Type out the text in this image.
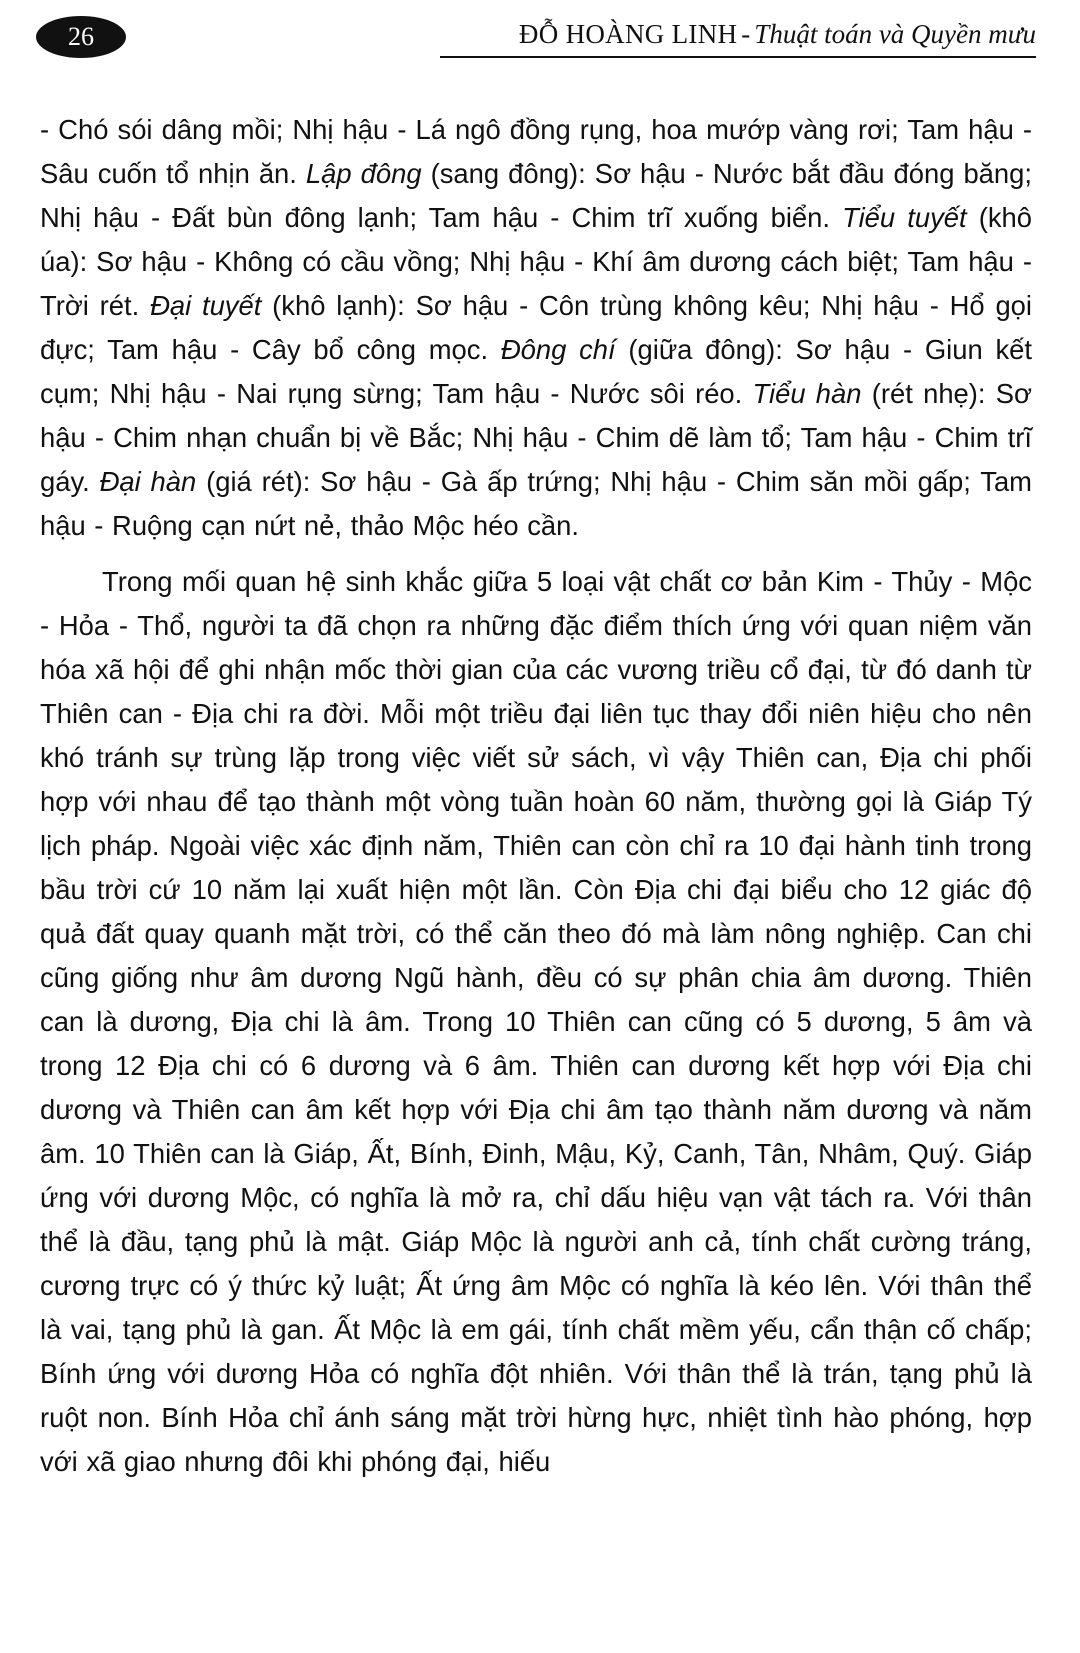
26	ĐỖ HOÀNG LINH - Thuật toán và Quyền mưu

- Chó sói dâng mồi; Nhị hậu - Lá ngô đồng rụng, hoa mướp vàng rơi; Tam hậu - Sâu cuốn tổ nhịn ăn. Lập đông (sang đông): Sơ hậu - Nước bắt đầu đóng băng; Nhị hậu - Đất bùn đông lạnh; Tam hậu - Chim trĩ xuống biển. Tiểu tuyết (khô úa): Sơ hậu - Không có cầu vồng; Nhị hậu - Khí âm dương cách biệt; Tam hậu - Trời rét. Đại tuyết (khô lạnh): Sơ hậu - Côn trùng không kêu; Nhị hậu - Hổ gọi đực; Tam hậu - Cây bổ công mọc. Đông chí (giữa đông): Sơ hậu - Giun kết cụm; Nhị hậu - Nai rụng sừng; Tam hậu - Nước sôi réo. Tiểu hàn (rét nhẹ): Sơ hậu - Chim nhạn chuẩn bị về Bắc; Nhị hậu - Chim dẽ làm tổ; Tam hậu - Chim trĩ gáy. Đại hàn (giá rét): Sơ hậu - Gà ấp trứng; Nhị hậu - Chim săn mồi gấp; Tam hậu - Ruộng cạn nứt nẻ, thảo Mộc héo cần.

Trong mối quan hệ sinh khắc giữa 5 loại vật chất cơ bản Kim - Thủy - Mộc - Hỏa - Thổ, người ta đã chọn ra những đặc điểm thích ứng với quan niệm văn hóa xã hội để ghi nhận mốc thời gian của các vương triều cổ đại, từ đó danh từ Thiên can - Địa chi ra đời. Mỗi một triều đại liên tục thay đổi niên hiệu cho nên khó tránh sự trùng lặp trong việc viết sử sách, vì vậy Thiên can, Địa chi phối hợp với nhau để tạo thành một vòng tuần hoàn 60 năm, thường gọi là Giáp Tý lịch pháp. Ngoài việc xác định năm, Thiên can còn chỉ ra 10 đại hành tinh trong bầu trời cứ 10 năm lại xuất hiện một lần. Còn Địa chi đại biểu cho 12 giác độ quả đất quay quanh mặt trời, có thể căn theo đó mà làm nông nghiệp. Can chi cũng giống như âm dương Ngũ hành, đều có sự phân chia âm dương. Thiên can là dương, Địa chi là âm. Trong 10 Thiên can cũng có 5 dương, 5 âm và trong 12 Địa chi có 6 dương và 6 âm. Thiên can dương kết hợp với Địa chi dương và Thiên can âm kết hợp với Địa chi âm tạo thành năm dương và năm âm. 10 Thiên can là Giáp, Ất, Bính, Đinh, Mậu, Kỷ, Canh, Tân, Nhâm, Quý. Giáp ứng với dương Mộc, có nghĩa là mở ra, chỉ dấu hiệu vạn vật tách ra. Với thân thể là đầu, tạng phủ là mật. Giáp Mộc là người anh cả, tính chất cường tráng, cương trực có ý thức kỷ luật; Ất ứng âm Mộc có nghĩa là kéo lên. Với thân thể là vai, tạng phủ là gan. Ất Mộc là em gái, tính chất mềm yếu, cẩn thận cố chấp; Bính ứng với dương Hỏa có nghĩa đột nhiên. Với thân thể là trán, tạng phủ là ruột non. Bính Hỏa chỉ ánh sáng mặt trời hừng hực, nhiệt tình hào phóng, hợp với xã giao nhưng đôi khi phóng đại, hiếu
